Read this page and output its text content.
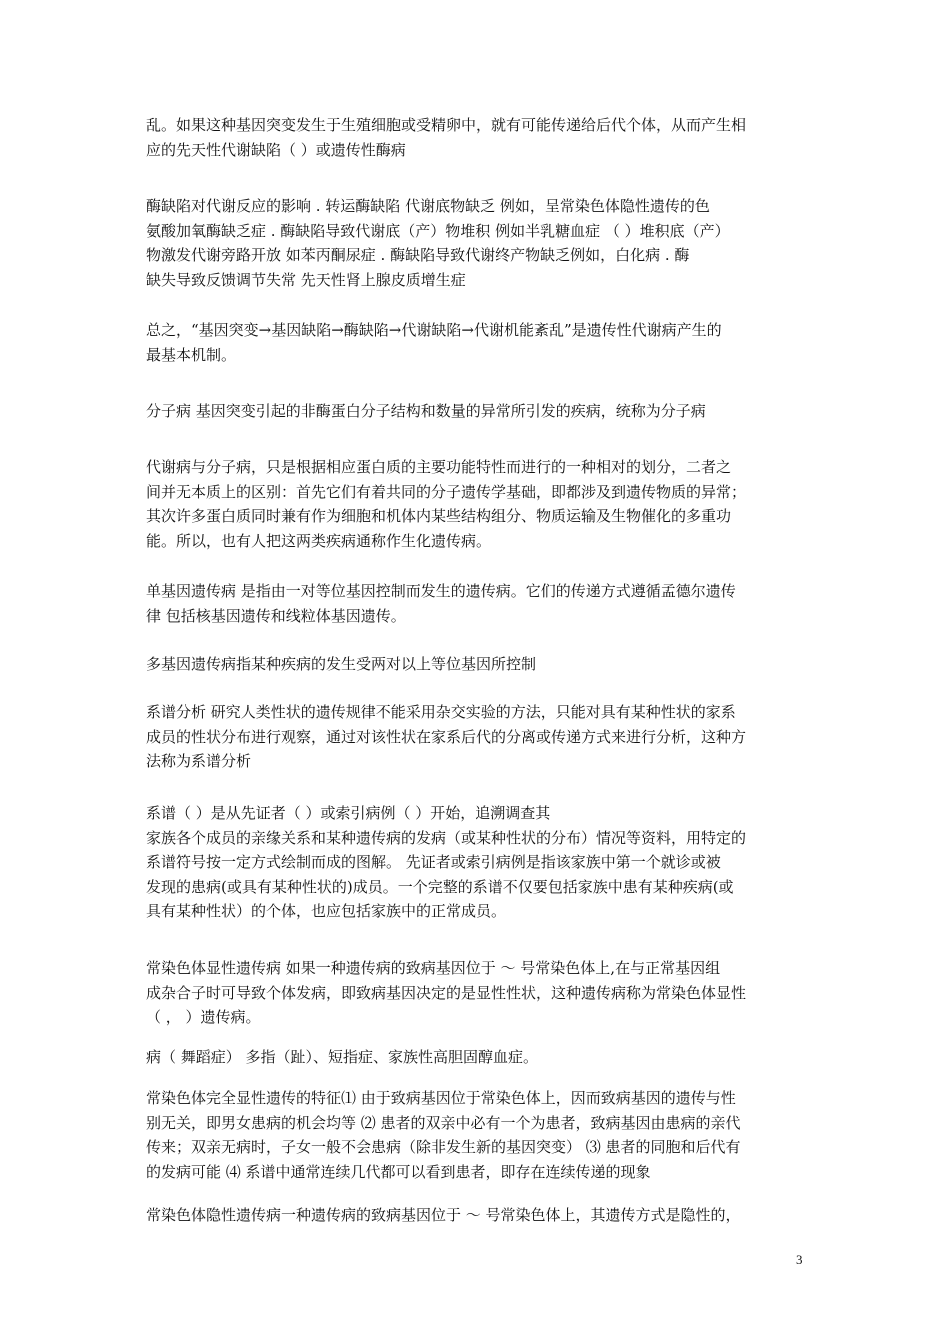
乱。如果这种基因突变发生于生殖细胞或受精卵中，就有可能传递给后代个体，从而产生相
应的先天性代谢缺陷（ ）或遗传性酶病

酶缺陷对代谢反应的影响 . 转运酶缺陷 代谢底物缺乏 例如，呈常染色体隐性遗传的色
氨酸加氧酶缺乏症 . 酶缺陷导致代谢底（产）物堆积 例如半乳糖血症 （ ）堆积底（产）
物激发代谢旁路开放 如苯丙酮尿症 . 酶缺陷导致代谢终产物缺乏例如，白化病 . 酶
缺失导致反馈调节失常 先天性肾上腺皮质增生症

总之，“基因突变→基因缺陷→酶缺陷→代谢缺陷→代谢机能紊乱”是遗传性代谢病产生的
最基本机制。

分子病 基因突变引起的非酶蛋白分子结构和数量的异常所引发的疾病，统称为分子病

代谢病与分子病，只是根据相应蛋白质的主要功能特性而进行的一种相对的划分，二者之
间并无本质上的区别：首先它们有着共同的分子遗传学基础，即都涉及到遗传物质的异常；
其次许多蛋白质同时兼有作为细胞和机体内某些结构组分、物质运输及生物催化的多重功
能。所以，也有人把这两类疾病通称作生化遗传病。

单基因遗传病 是指由一对等位基因控制而发生的遗传病。它们的传递方式遵循孟德尔遗传
律 包括核基因遗传和线粒体基因遗传。

多基因遗传病指某种疾病的发生受两对以上等位基因所控制

系谱分析 研究人类性状的遗传规律不能采用杂交实验的方法，只能对具有某种性状的家系
成员的性状分布进行观察，通过对该性状在家系后代的分离或传递方式来进行分析，这种方
法称为系谱分析

系谱（ ）是从先证者（ ）或索引病例（ ）开始，追溯调查其
家族各个成员的亲缘关系和某种遗传病的发病（或某种性状的分布）情况等资料，用特定的
系谱符号按一定方式绘制而成的图解。 先证者或索引病例是指该家族中第一个就诊或被
发现的患病(或具有某种性状的)成员。一个完整的系谱不仅要包括家族中患有某种疾病(或
具有某种性状）的个体，也应包括家族中的正常成员。

常染色体显性遗传病 如果一种遗传病的致病基因位于 ～ 号常染色体上,在与正常基因组
成杂合子时可导致个体发病，即致病基因决定的是显性性状，这种遗传病称为常染色体显性
（ ， ）遗传病。

病（ 舞蹈症） 多指（趾）、短指症、家族性高胆固醇血症。

常染色体完全显性遗传的特征⑴ 由于致病基因位于常染色体上，因而致病基因的遗传与性
别无关，即男女患病的机会均等 ⑵ 患者的双亲中必有一个为患者，致病基因由患病的亲代
传来；双亲无病时，子女一般不会患病（除非发生新的基因突变） ⑶ 患者的同胞和后代有
的发病可能 ⑷ 系谱中通常连续几代都可以看到患者，即存在连续传递的现象

常染色体隐性遗传病一种遗传病的致病基因位于 ～ 号常染色体上，其遗传方式是隐性的，

3
